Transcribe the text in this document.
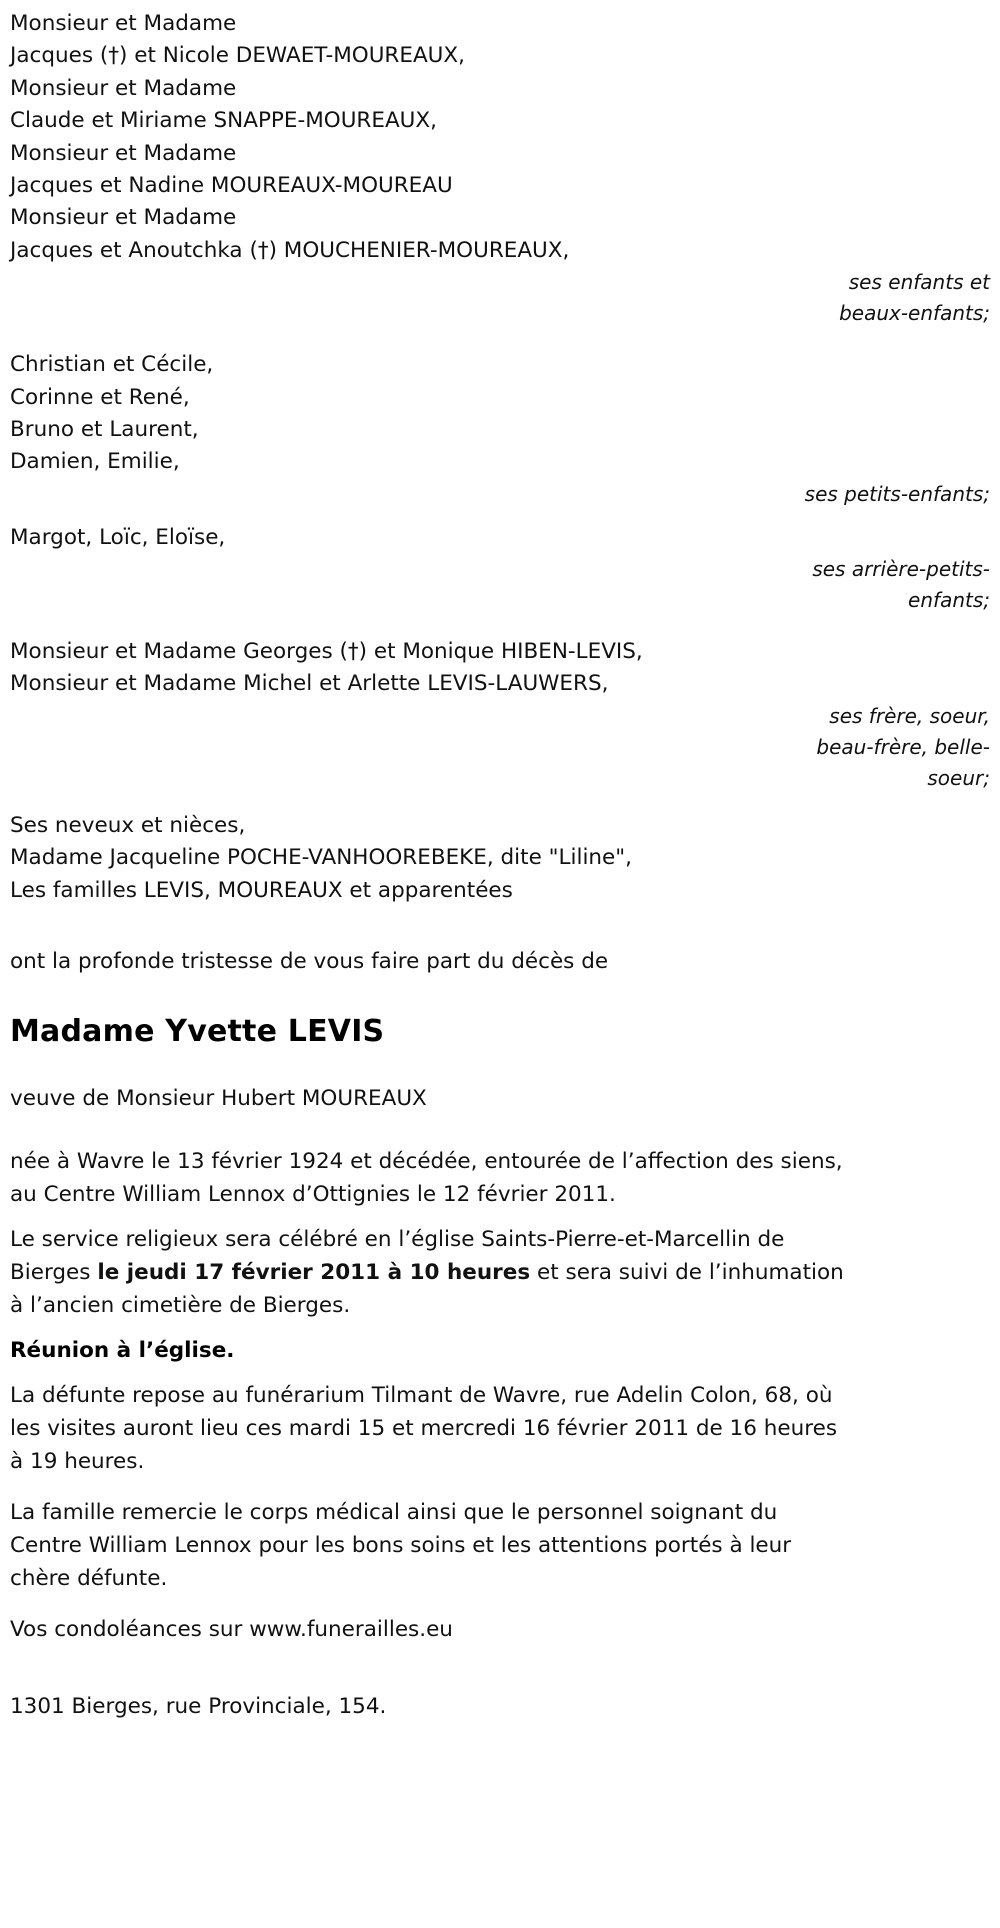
Monsieur et Madame
Jacques (†) et Nicole DEWAET-MOUREAUX,
Monsieur et Madame
Claude et Miriame SNAPPE-MOUREAUX,
Monsieur et Madame
Jacques et Nadine MOUREAUX-MOUREAU
Monsieur et Madame
Jacques et Anoutchka (†) MOUCHENIER-MOUREAUX,
ses enfants et
beaux-enfants;
Christian et Cécile,
Corinne et René,
Bruno et Laurent,
Damien, Emilie,
ses petits-enfants;
Margot, Loïc, Eloïse,
ses arrière-petits-
enfants;
Monsieur et Madame Georges (†) et Monique HIBEN-LEVIS,
Monsieur et Madame Michel et Arlette LEVIS-LAUWERS,
ses frère, soeur,
beau-frère, belle-
soeur;
Ses neveux et nièces,
Madame Jacqueline POCHE-VANHOOREBEKE, dite "Liline",
Les familles LEVIS, MOUREAUX et apparentées
ont la profonde tristesse de vous faire part du décès de
Madame Yvette LEVIS
veuve de Monsieur Hubert MOUREAUX
née à Wavre le 13 février 1924 et décédée, entourée de l’affection des siens, au Centre William Lennox d’Ottignies le 12 février 2011.
Le service religieux sera célébré en l’église Saints-Pierre-et-Marcellin de Bierges le jeudi 17 février 2011 à 10 heures et sera suivi de l’inhumation à l’ancien cimetière de Bierges.
Réunion à l’église.
La défunte repose au funérarium Tilmant de Wavre, rue Adelin Colon, 68, où les visites auront lieu ces mardi 15 et mercredi 16 février 2011 de 16 heures à 19 heures.
La famille remercie le corps médical ainsi que le personnel soignant du Centre William Lennox pour les bons soins et les attentions portés à leur chère défunte.
Vos condoléances sur www.funerailles.eu
1301 Bierges, rue Provinciale, 154.
